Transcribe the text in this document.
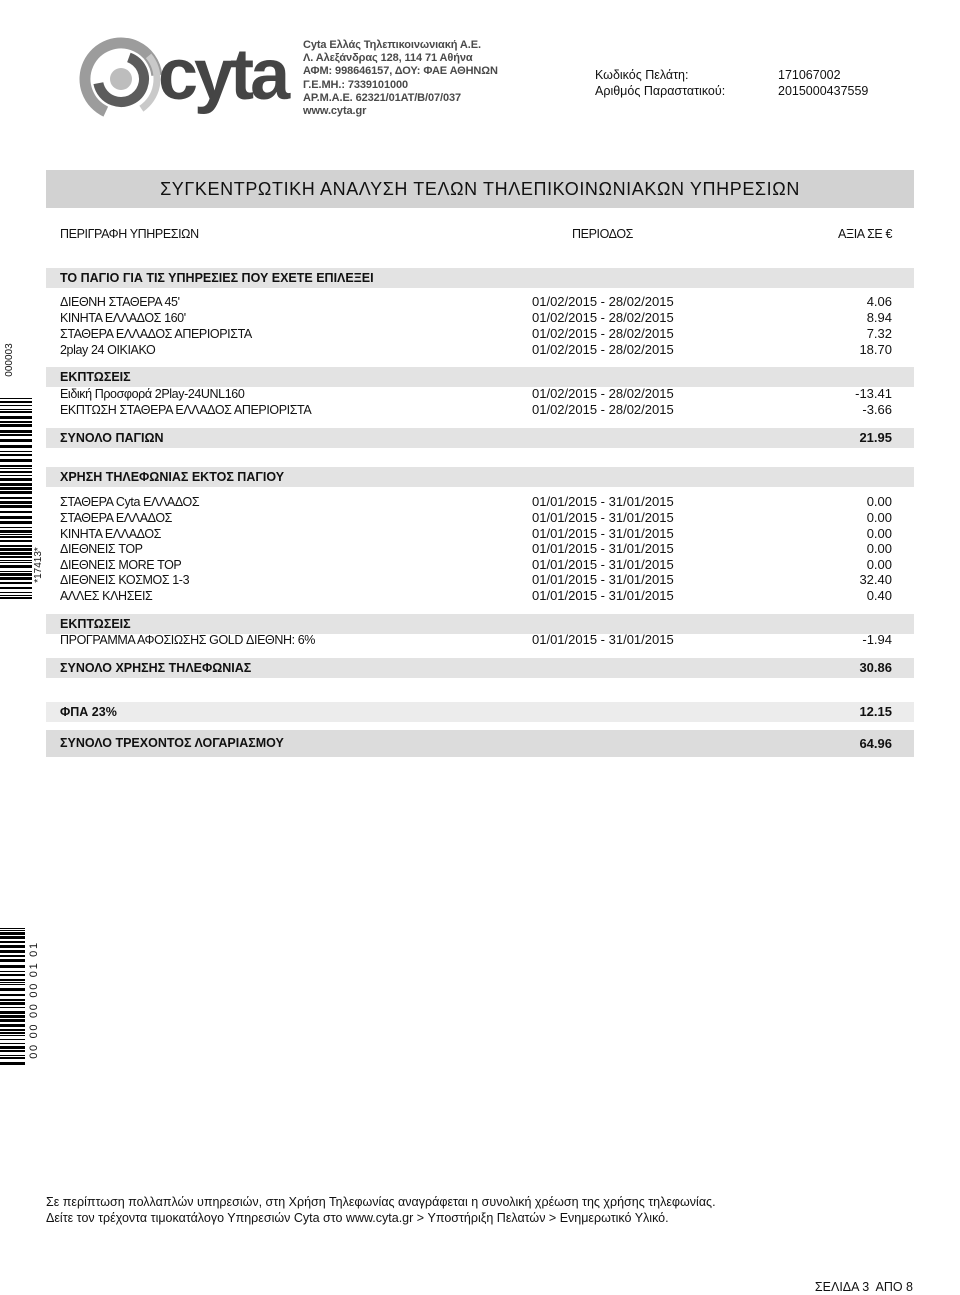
cyta Cyta Ελλάς Τηλεπικοινωνιακή Α.Ε.
Λ. Αλεξάνδρας 128, 114 71 Αθήνα
ΑΦΜ: 998646157, ΔΟΥ: ΦΑΕ ΑΘΗΝΩΝ
Γ.Ε.ΜΗ.: 7339101000
ΑΡ.Μ.Α.Ε. 62321/01ΑΤ/Β/07/037
www.cyta.gr
Κωδικός Πελάτη:	171067002
Αριθμός Παραστατικού:	2015000437559
ΣΥΓΚΕΝΤΡΩΤΙΚΗ ΑΝΑΛΥΣΗ ΤΕΛΩΝ ΤΗΛΕΠΙΚΟΙΝΩΝΙΑΚΩΝ ΥΠΗΡΕΣΙΩΝ
ΠΕΡΙΓΡΑΦΗ ΥΠΗΡΕΣΙΩΝ	ΠΕΡΙΟΔΟΣ	ΑΞΙΑ ΣΕ €
ΤΟ ΠΑΓΙΟ ΓΙΑ ΤΙΣ ΥΠΗΡΕΣΙΕΣ ΠΟΥ ΕΧΕΤΕ ΕΠΙΛΕΞΕΙ
ΔΙΕΘΝΗ ΣΤΑΘΕΡΑ 45'	01/02/2015 - 28/02/2015	4.06
ΚΙΝΗΤΑ ΕΛΛΑΔΟΣ 160'	01/02/2015 - 28/02/2015	8.94
ΣΤΑΘΕΡΑ ΕΛΛΑΔΟΣ ΑΠΕΡΙΟΡΙΣΤΑ	01/02/2015 - 28/02/2015	7.32
2play 24 ΟΙΚΙΑΚΟ	01/02/2015 - 28/02/2015	18.70
ΕΚΠΤΩΣΕΙΣ
Ειδική Προσφορά 2Play-24UNL160	01/02/2015 - 28/02/2015	-13.41
ΕΚΠΤΩΣΗ ΣΤΑΘΕΡΑ ΕΛΛΑΔΟΣ ΑΠΕΡΙΟΡΙΣΤΑ	01/02/2015 - 28/02/2015	-3.66
ΣΥΝΟΛΟ ΠΑΓΙΩΝ	21.95
ΧΡΗΣΗ ΤΗΛΕΦΩΝΙΑΣ ΕΚΤΟΣ ΠΑΓΙΟΥ
ΣΤΑΘΕΡΑ Cyta ΕΛΛΑΔΟΣ	01/01/2015 - 31/01/2015	0.00
ΣΤΑΘΕΡΑ ΕΛΛΑΔΟΣ	01/01/2015 - 31/01/2015	0.00
ΚΙΝΗΤΑ ΕΛΛΑΔΟΣ	01/01/2015 - 31/01/2015	0.00
ΔΙΕΘΝΕΙΣ TOP	01/01/2015 - 31/01/2015	0.00
ΔΙΕΘΝΕΙΣ MORE TOP	01/01/2015 - 31/01/2015	0.00
ΔΙΕΘΝΕΙΣ ΚΟΣΜΟΣ 1-3	01/01/2015 - 31/01/2015	32.40
ΑΛΛΕΣ ΚΛΗΣΕΙΣ	01/01/2015 - 31/01/2015	0.40
ΕΚΠΤΩΣΕΙΣ
ΠΡΟΓΡΑΜΜΑ ΑΦΟΣΙΩΣΗΣ GOLD ΔΙΕΘΝΗ: 6%	01/01/2015 - 31/01/2015	-1.94
ΣΥΝΟΛΟ ΧΡΗΣΗΣ ΤΗΛΕΦΩΝΙΑΣ	30.86
ΦΠΑ 23%	12.15
ΣΥΝΟΛΟ ΤΡΕΧΟΝΤΟΣ ΛΟΓΑΡΙΑΣΜΟΥ	64.96
000003
*17413*
00 00 00 00 01 01
Σε περίπτωση πολλαπλών υπηρεσιών, στη Χρήση Τηλεφωνίας αναγράφεται η συνολική χρέωση της χρήσης τηλεφωνίας.
Δείτε τον τρέχοντα τιμοκατάλογο Υπηρεσιών Cyta στο www.cyta.gr > Υποστήριξη Πελατών > Ενημερωτικό Υλικό.
ΣΕΛΙΔΑ 3  ΑΠΟ 8
